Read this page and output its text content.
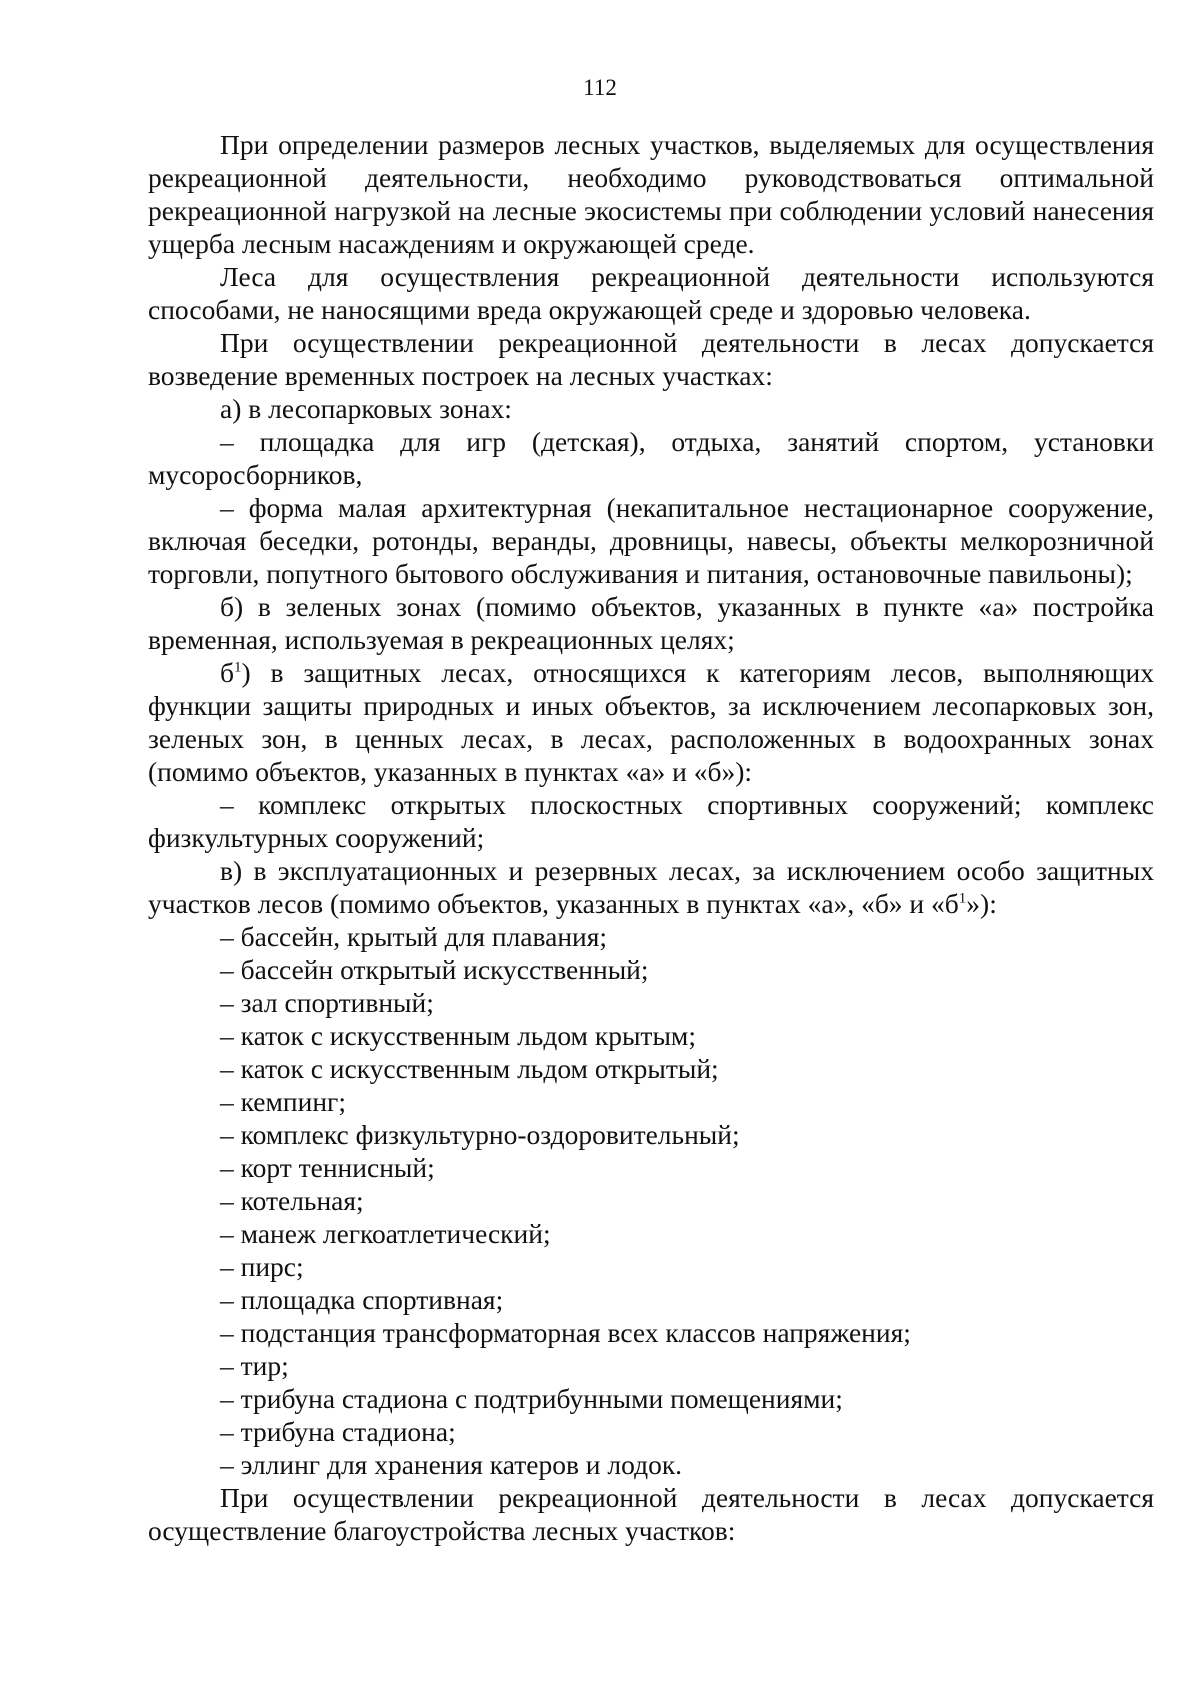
112

При определении размеров лесных участков, выделяемых для осуществления рекреационной деятельности, необходимо руководствоваться оптимальной рекреационной нагрузкой на лесные экосистемы при соблюдении условий нанесения ущерба лесным насаждениям и окружающей среде.

Леса для осуществления рекреационной деятельности используются способами, не наносящими вреда окружающей среде и здоровью человека.

При осуществлении рекреационной деятельности в лесах допускается возведение временных построек на лесных участках:

а) в лесопарковых зонах:

– площадка для игр (детская), отдыха, занятий спортом, установки мусоросборников,

– форма малая архитектурная (некапитальное нестационарное сооружение, включая беседки, ротонды, веранды, дровницы, навесы, объекты мелкорозничной торговли, попутного бытового обслуживания и питания, остановочные павильоны);

б) в зеленых зонах (помимо объектов, указанных в пункте «а» постройка временная, используемая в рекреационных целях;

$б^1$) в защитных лесах, относящихся к категориям лесов, выполняющих функции защиты природных и иных объектов, за исключением лесопарковых зон, зеленых зон, в ценных лесах, в лесах, расположенных в водоохранных зонах (помимо объектов, указанных в пунктах «а» и «б»):

– комплекс открытых плоскостных спортивных сооружений; комплекс физкультурных сооружений;

в) в эксплуатационных и резервных лесах, за исключением особо защитных участков лесов (помимо объектов, указанных в пунктах «а», «б» и «$б^1$»):

– бассейн, крытый для плавания;

– бассейн открытый искусственный;

– зал спортивный;

– каток с искусственным льдом крытым;

– каток с искусственным льдом открытый;

– кемпинг;

– комплекс физкультурно-оздоровительный;

– корт теннисный;

– котельная;

– манеж легкоатлетический;

– пирс;

– площадка спортивная;

– подстанция трансформаторная всех классов напряжения;

– тир;

– трибуна стадиона с подтрибунными помещениями;

– трибуна стадиона;

– эллинг для хранения катеров и лодок.

При осуществлении рекреационной деятельности в лесах допускается осуществление благоустройства лесных участков:
